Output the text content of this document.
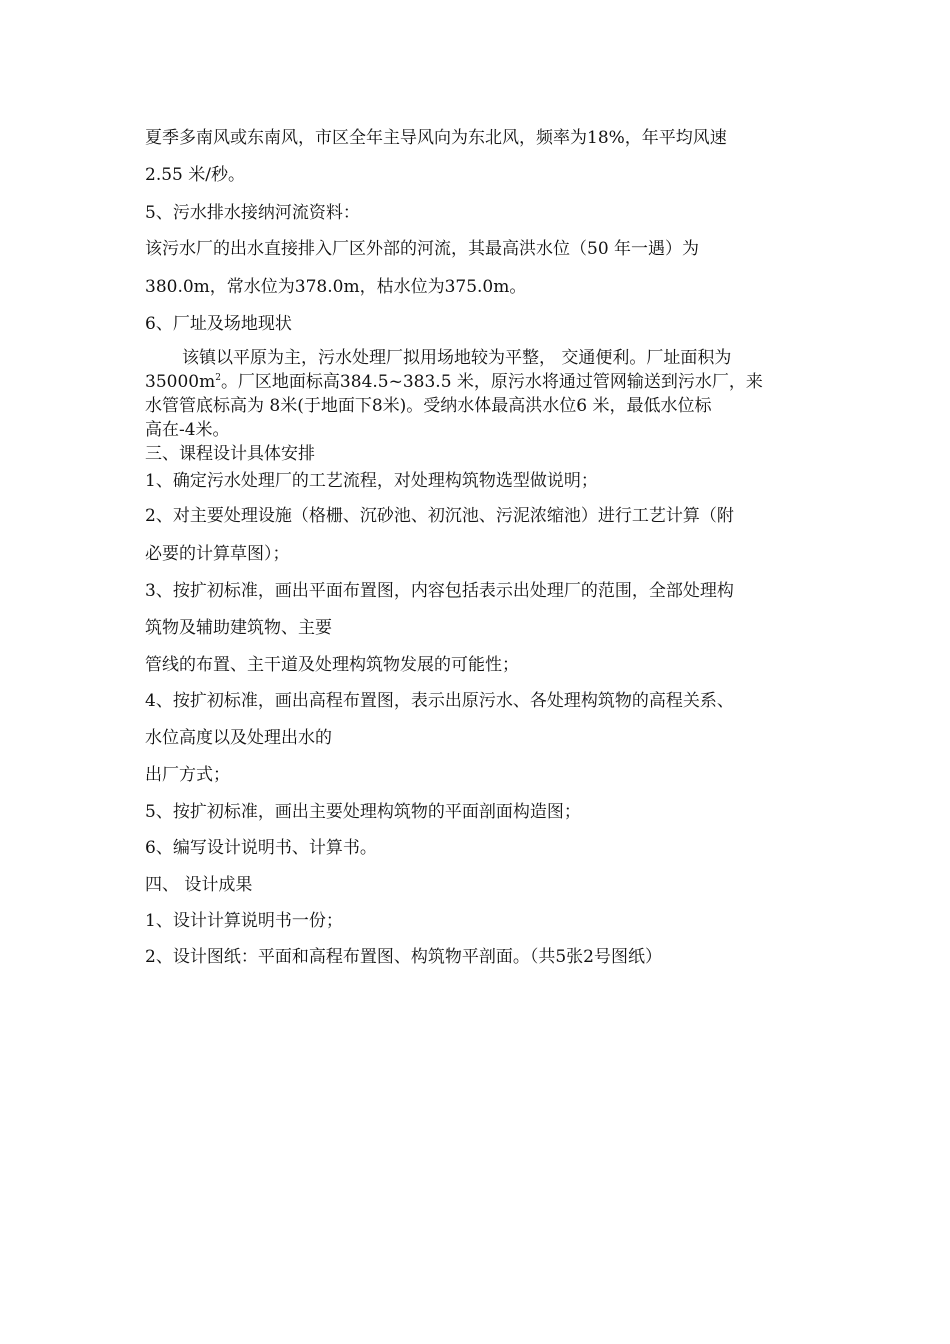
夏季多南风或东南风，市区全年主导风向为东北风，频率为18%，年平均风速
2.55 米/秒。
5、污水排水接纳河流资料：
该污水厂的出水直接排入厂区外部的河流，其最高洪水位（50 年一遇）为
380.0m，常水位为378.0m，枯水位为375.0m。
6、厂址及场地现状
该镇以平原为主，污水处理厂拟用场地较为平整， 交通便利。厂址面积为
$35000m^2$。厂区地面标高384.5~383.5 米，原污水将通过管网输送到污水厂，来
水管管底标高为 8米(于地面下8米)。受纳水体最高洪水位6 米，最低水位标
高在-4米。
三、课程设计具体安排
1、确定污水处理厂的工艺流程，对处理构筑物选型做说明；
2、对主要处理设施（格栅、沉砂池、初沉池、污泥浓缩池）进行工艺计算（附
必要的计算草图）；
3、按扩初标准，画出平面布置图，内容包括表示出处理厂的范围，全部处理构
筑物及辅助建筑物、主要
管线的布置、主干道及处理构筑物发展的可能性；
4、按扩初标准，画出高程布置图，表示出原污水、各处理构筑物的高程关系、
水位高度以及处理出水的
出厂方式；
5、按扩初标准，画出主要处理构筑物的平面剖面构造图；
6、编写设计说明书、计算书。
四、 设计成果
1、设计计算说明书一份；
2、设计图纸：平面和高程布置图、构筑物平剖面。（共5张2号图纸）
